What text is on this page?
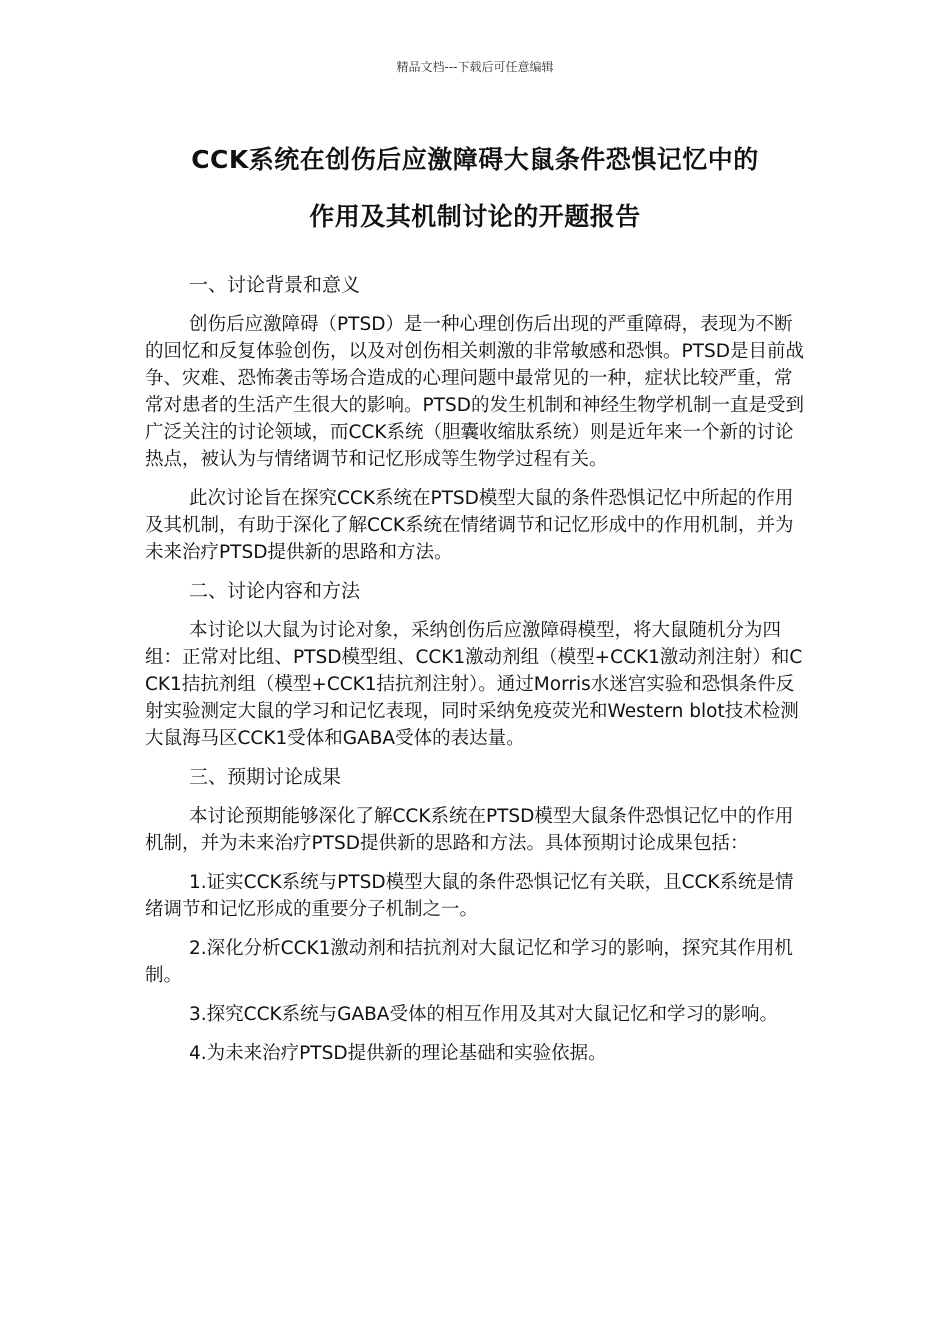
精品文档---下载后可任意编辑
CCK系统在创伤后应激障碍大鼠条件恐惧记忆中的
作用及其机制讨论的开题报告
一、讨论背景和意义

创伤后应激障碍（PTSD）是一种心理创伤后出现的严重障碍，表现为不断的回忆和反复体验创伤，以及对创伤相关刺激的非常敏感和恐惧。PTSD是目前战争、灾难、恐怖袭击等场合造成的心理问题中最常见的一种，症状比较严重，常常对患者的生活产生很大的影响。PTSD的发生机制和神经生物学机制一直是受到广泛关注的讨论领域，而CCK系统（胆囊收缩肽系统）则是近年来一个新的讨论热点，被认为与情绪调节和记忆形成等生物学过程有关。

此次讨论旨在探究CCK系统在PTSD模型大鼠的条件恐惧记忆中所起的作用及其机制，有助于深化了解CCK系统在情绪调节和记忆形成中的作用机制，并为未来治疗PTSD提供新的思路和方法。

二、讨论内容和方法

本讨论以大鼠为讨论对象，采纳创伤后应激障碍模型，将大鼠随机分为四组：正常对比组、PTSD模型组、CCK1激动剂组（模型+CCK1激动剂注射）和CCK1拮抗剂组（模型+CCK1拮抗剂注射）。通过Morris水迷宫实验和恐惧条件反射实验测定大鼠的学习和记忆表现，同时采纳免疫荧光和Western blot技术检测大鼠海马区CCK1受体和GABA受体的表达量。

三、预期讨论成果

本讨论预期能够深化了解CCK系统在PTSD模型大鼠条件恐惧记忆中的作用机制，并为未来治疗PTSD提供新的思路和方法。具体预期讨论成果包括：

1.证实CCK系统与PTSD模型大鼠的条件恐惧记忆有关联，且CCK系统是情绪调节和记忆形成的重要分子机制之一。

2.深化分析CCK1激动剂和拮抗剂对大鼠记忆和学习的影响，探究其作用机制。

3.探究CCK系统与GABA受体的相互作用及其对大鼠记忆和学习的影响。

4.为未来治疗PTSD提供新的理论基础和实验依据。
